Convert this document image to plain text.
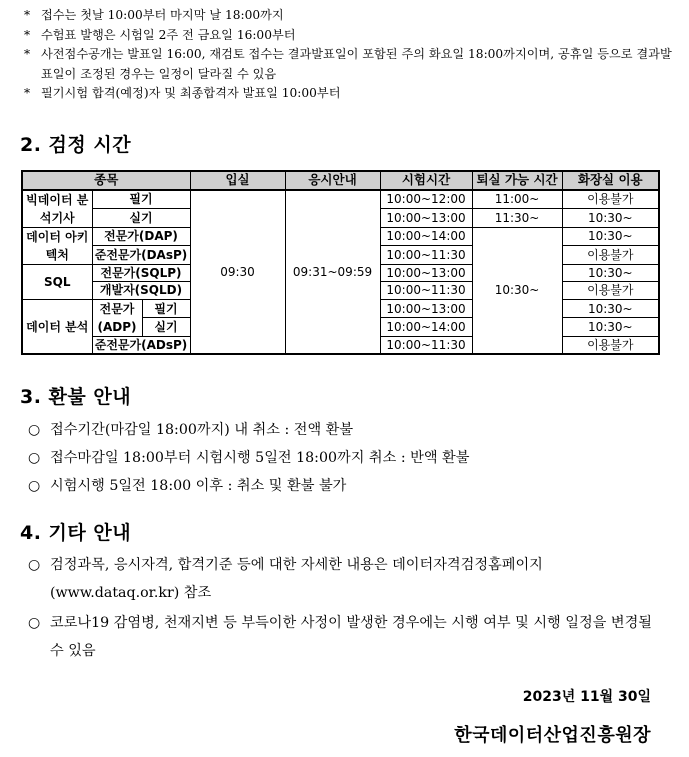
* 접수는 첫날 10:00부터 마지막 날 18:00까지
* 수험표 발행은 시험일 2주 전 금요일 16:00부터
* 사전점수공개는 발표일 16:00, 재검토 접수는 결과발표일이 포함된 주의 화요일 18:00까지이며, 공휴일 등으로 결과발표일이 조정된 경우는 일정이 달라질 수 있음
* 필기시험 합격(예정)자 및 최종합격자 발표일 10:00부터
2. 검정 시간
종목			입실	응시안내	시험시간	퇴실 가능 시간	화장실 이용
빅데이터 분석기사	필기		09:30	09:31~09:59	10:00~12:00	11:00~	이용불가
	실기				10:00~13:00	11:30~	10:30~
데이터 아키텍처	전문가(DAP)				10:00~14:00	10:30~	10:30~
	준전문가(DAsP)				10:00~11:30		이용불가
SQL	전문가(SQLP)				10:00~13:00		10:30~
	개발자(SQLD)				10:00~11:30		이용불가
데이터 분석	전문가 (ADP)	필기			10:00~13:00		10:30~
		실기			10:00~14:00		10:30~
	준전문가(ADsP)				10:00~11:30		이용불가
3. 환불 안내
○ 접수기간(마감일 18:00까지) 내 취소 : 전액 환불
○ 접수마감일 18:00부터 시험시행 5일전 18:00까지 취소 : 반액 환불
○ 시험시행 5일전 18:00 이후 : 취소 및 환불 불가
4. 기타 안내
○ 검정과목, 응시자격, 합격기준 등에 대한 자세한 내용은 데이터자격검정홈페이지 (www.dataq.or.kr) 참조
○ 코로나19 감염병, 천재지변 등 부득이한 사정이 발생한 경우에는 시행 여부 및 시행 일정을 변경될 수 있음
2023년 11월 30일
한국데이터산업진흥원장
